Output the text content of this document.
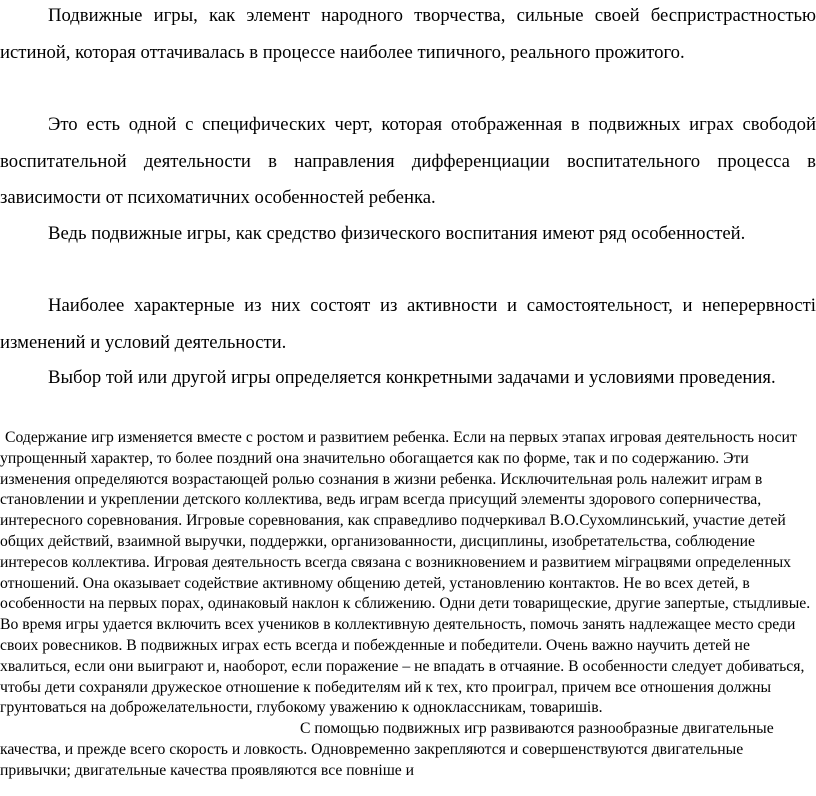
Подвижные игры, как элемент народного творчества, сильные своей беспристрастностью истиной, которая оттачивалась в процессе наиболее типичного, реального прожитого.

Это есть одной с специфических черт, которая отображенная в подвижных играх свободой воспитательной деятельности в направления дифференциации воспитательного процесса в зависимости от психоматичних особенностей ребенка.

Ведь подвижные игры, как средство физического воспитания имеют ряд особенностей.

Наиболее характерные из них состоят из активности и самостоятельност, и неперервності изменений и условий деятельности.

Выбор той или другой игры определяется конкретными задачами и условиями проведения.

Содержание игр изменяется вместе с ростом и развитием ребенка. Если на первых этапах игровая деятельность носит упрощенный характер, то более поздний она значительно обогащается как по форме, так и по содержанию. Эти изменения определяются возрастающей ролью сознания в жизни ребенка. Исключительная роль належит играм в становлении и укреплении детского коллектива, ведь играм всегда присущий элементы здорового соперничества, интересного соревнования. Игровые соревнования, как справедливо подчеркивал В.О.Сухомлинський, участие детей общих действий, взаимной выручки, поддержки, организованности, дисциплины, изобретательства, соблюдение интересов коллектива. Игровая деятельность всегда связана с возникновением и развитием міграцвями определенных отношений. Она оказывает содействие активному общению детей, установлению контактов. Не во всех детей, в особенности на первых порах, одинаковый наклон к сближению. Одни дети товарищеские, другие запертые, стыдливые. Во время игры удается включить всех учеников в коллективную деятельность, помочь занять надлежащее место среди своих ровесников. В подвижных играх есть всегда и побежденные и победители. Очень важно научить детей не хвалиться, если они выиграют и, наоборот, если поражение – не впадать в отчаяние. В особенности следует добиваться, чтобы дети сохраняли дружеское отношение к победителям ий к тех, кто проиграл, причем все отношения должны грунтоваться на доброжелательности, глубокому уважению к одноклассникам, товаришів.С помощью подвижных игр развиваются разнообразные двигательные качества, и прежде всего скорость и ловкость. Одновременно закрепляются и совершенствуются двигательные привычки; двигательные качества проявляются все повніше и
